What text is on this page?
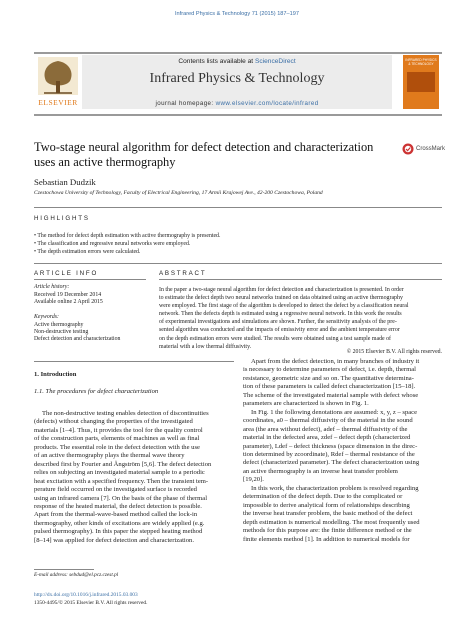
Infrared Physics & Technology 71 (2015) 187–197
ELSEVIER
Contents lists available at ScienceDirect
Infrared Physics & Technology
journal homepage: www.elsevier.com/locate/infrared
INFRARED PHYSICS & TECHNOLOGY
Two-stage neural algorithm for defect detection and characterization uses an active thermography
CrossMark
Sebastian Dudzik
Czestochowa University of Technology, Faculty of Electrical Engineering, 17 Armii Krajowej Ave., 42-200 Czestochowa, Poland
HIGHLIGHTS
• The method for defect depth estimation with active thermography is presented.
• The classification and regressive neural networks were employed.
• The depth estimation errors were calculated.
ARTICLE INFO
Article history:
Received 19 December 2014
Available online 2 April 2015
Keywords:
Active thermography
Non-destructive testing
Defect detection and characterization
ABSTRACT
In the paper a two-stage neural algorithm for defect detection and characterization is presented. In order
to estimate the defect depth two neural networks trained on data obtained using an active thermography
were employed. The first stage of the algorithm is developed to detect the defect by a classification neural
network. Then the defects depth is estimated using a regressive neural network. In this work the results
of experimental investigations and simulations are shown. Further, the sensitivity analysis of the pre-
sented algorithm was conducted and the impacts of emissivity error and the ambient temperature error
on the depth estimation errors were studied. The results were obtained using a test sample made of
material with a low thermal diffusivity.
© 2015 Elsevier B.V. All rights reserved.
1. Introduction
1.1. The procedures for defect characterization
The non-destructive testing enables detection of discontinuities
(defects) without changing the properties of the investigated
materials [1–4]. Thus, it provides the tool for the quality control
of the construction parts, elements of machines as well as final
products. The essential role in the defect detection with the use
of an active thermography plays the thermal wave theory
described first by Fourier and Ångström [5,6]. The defect detection
relies on subjecting an investigated material sample to a periodic
heat excitation with a specified frequency. Then the transient tem-
perature field occurred on the investigated surface is recorded
using an infrared camera [7]. On the basis of the phase of thermal
response of the heated material, the defect detection is possible.
Apart from the thermal-wave-based method called the lock-in
thermography, other kinds of excitations are widely applied (e.g.
pulsed thermography). In this paper the stepped heating method
[8–14] was applied for defect detection and characterization.
Apart from the defect detection, in many branches of industry it
is necessary to determine parameters of defect, i.e. depth, thermal
resistance, geometric size and so on. The quantitative determina-
tion of these parameters is called defect characterization [15–18].
The scheme of the investigated material sample with defect whose
parameters are characterized is shown in Fig. 1.
In Fig. 1 the following denotations are assumed: x, y, z – space
coordinates, a0 – thermal diffusivity of the material in the sound
area (the area without defect), adef – thermal diffusivity of the
material in the defected area, zdef – defect depth (characterized
parameter), Ldef – defect thickness (space dimension in the direc-
tion determined by zcoordinate), Rdef – thermal resistance of the
defect (characterized parameter). The defect characterization using
an active thermography is an inverse heat transfer problem
[19,20].
In this work, the characterization problem is resolved regarding
determination of the defect depth. Due to the complicated or
impossible to derive analytical form of relationships describing
the inverse heat transfer problem, the basic method of the defect
depth estimation is numerical modelling. The most frequently used
methods for this purpose are: the finite difference method or the
finite elements method [1]. In addition to numerical models for
E-mail address: sebdud@el.pcz.czest.pl
http://dx.doi.org/10.1016/j.infrared.2015.03.003
1350-4495/© 2015 Elsevier B.V. All rights reserved.
